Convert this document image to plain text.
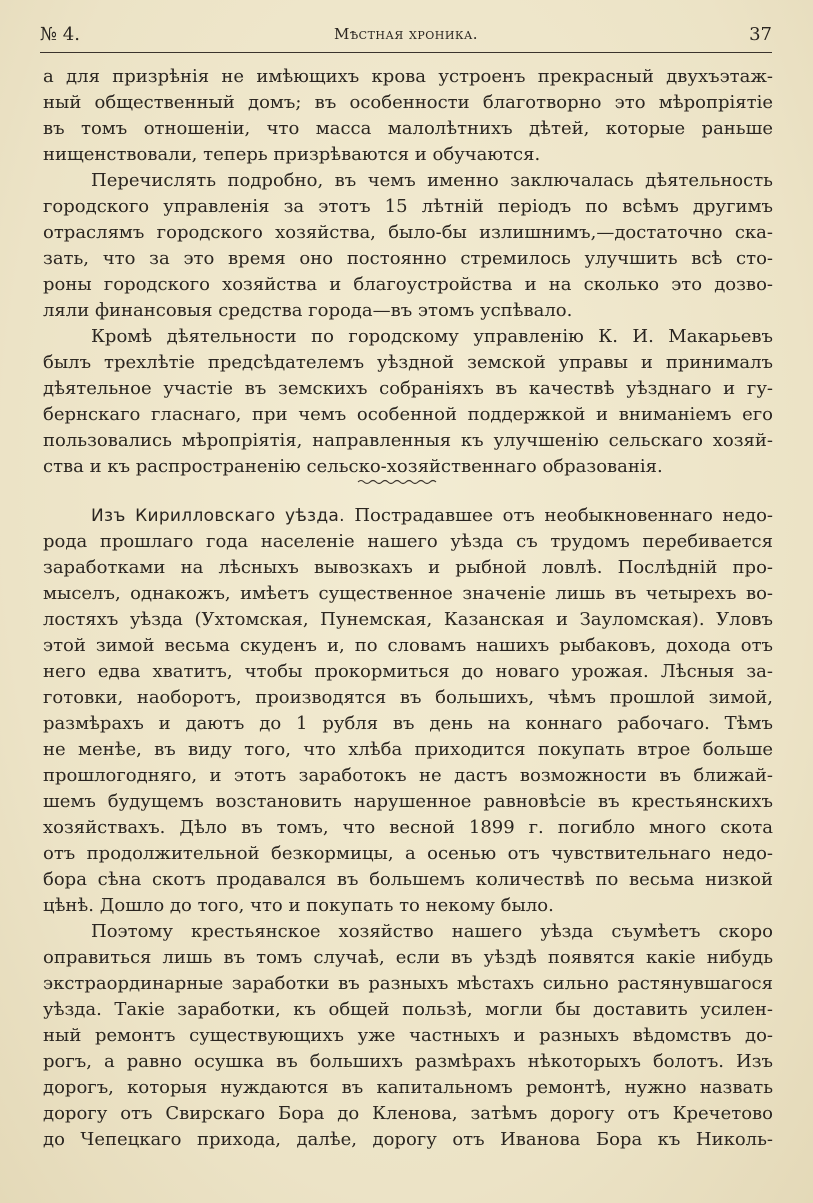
№ 4.	Мѣстная хроника.	37
а для призрѣнія не имѣющихъ крова устроенъ прекрасный двухъэтаж-
ный общественный домъ; въ особенности благотворно это мѣропріятіе
въ томъ отношеніи, что масса малолѣтнихъ дѣтей, которые раньше
нищенствовали, теперь призрѣваются и обучаются.
Перечислять подробно, въ чемъ именно заключалась дѣятельность
городского управленія за этотъ 15 лѣтній періодъ по всѣмъ другимъ
отраслямъ городского хозяйства, было-бы излишнимъ,—достаточно ска-
зать, что за это время оно постоянно стремилось улучшить всѣ сто-
роны городского хозяйства и благоустройства и на сколько это дозво-
ляли финансовыя средства города—въ этомъ успѣвало.
Кромѣ дѣятельности по городскому управленію К. И. Макарьевъ
былъ трехлѣтіе предсѣдателемъ уѣздной земской управы и принималъ
дѣятельное участіе въ земскихъ собраніяхъ въ качествѣ уѣзднаго и гу-
бернскаго гласнаго, при чемъ особенной поддержкой и вниманіемъ его
пользовались мѣропріятія, направленныя къ улучшенію сельскаго хозяй-
ства и къ распространенію сельско-хозяйственнаго образованія.
Изъ Кирилловскаго уѣзда. Пострадавшее отъ необыкновеннаго недо-
рода прошлаго года населеніе нашего уѣзда съ трудомъ перебивается
заработками на лѣсныхъ вывозкахъ и рыбной ловлѣ. Послѣдній про-
мыселъ, однакожъ, имѣетъ существенное значеніе лишь въ четырехъ во-
лостяхъ уѣзда (Ухтомская, Пунемская, Казанская и Зауломская). Уловъ
этой зимой весьма скуденъ и, по словамъ нашихъ рыбаковъ, дохода отъ
него едва хватитъ, чтобы прокормиться до новаго урожая. Лѣсныя за-
готовки, наоборотъ, производятся въ большихъ, чѣмъ прошлой зимой,
размѣрахъ и даютъ до 1 рубля въ день на коннаго рабочаго. Тѣмъ
не менѣе, въ виду того, что хлѣба приходится покупать втрое больше
прошлогодняго, и этотъ заработокъ не дастъ возможности въ ближай-
шемъ будущемъ возстановить нарушенное равновѣсіе въ крестьянскихъ
хозяйствахъ. Дѣло въ томъ, что весной 1899 г. погибло много скота
отъ продолжительной безкормицы, а осенью отъ чувствительнаго недо-
бора сѣна скотъ продавался въ большемъ количествѣ по весьма низкой
цѣнѣ. Дошло до того, что и покупать то некому было.
Поэтому крестьянское хозяйство нашего уѣзда съумѣетъ скоро
оправиться лишь въ томъ случаѣ, если въ уѣздѣ появятся какіе нибудь
экстраординарные заработки въ разныхъ мѣстахъ сильно растянувшагося
уѣзда. Такіе заработки, къ общей пользѣ, могли бы доставить усилен-
ный ремонтъ существующихъ уже частныхъ и разныхъ вѣдомствъ до-
рогъ, а равно осушка въ большихъ размѣрахъ нѣкоторыхъ болотъ. Изъ
дорогъ, которыя нуждаются въ капитальномъ ремонтѣ, нужно назвать
дорогу отъ Свирскаго Бора до Кленова, затѣмъ дорогу отъ Кречетово
до Чепецкаго прихода, далѣе, дорогу отъ Иванова Бора къ Николь-
